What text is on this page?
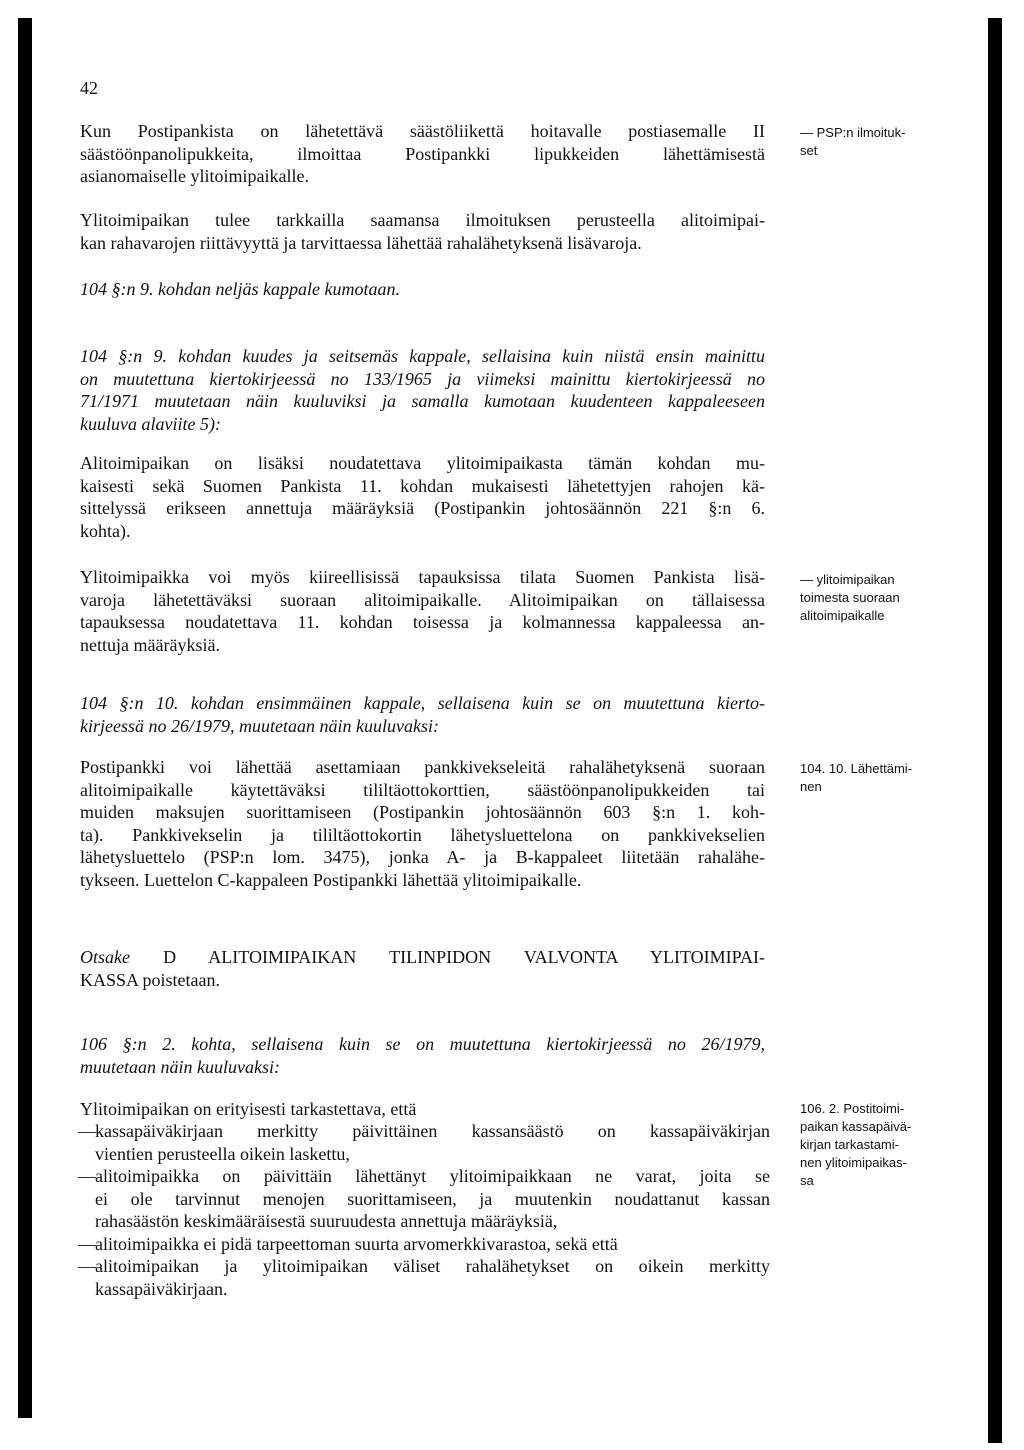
42
Kun Postipankista on lähetettävä säästöliikettä hoitavalle postiasemalle II
säästöönpanolipukkeita, ilmoittaa Postipankki lipukkeiden lähettämisestä
asianomaiselle ylitoimipaikalle.
Ylitoimipaikan tulee tarkkailla saamansa ilmoituksen perusteella alitoimipai-
kan rahavarojen riittävyyttä ja tarvittaessa lähettää rahalähetyksenä lisävaroja.
104 §:n 9. kohdan neljäs kappale kumotaan.
104 §:n 9. kohdan kuudes ja seitsemäs kappale, sellaisina kuin niistä ensin mainittu
on muutettuna kiertokirjeessä no 133/1965 ja viimeksi mainittu kiertokirjeessä no
71/1971 muutetaan näin kuuluviksi ja samalla kumotaan kuudenteen kappaleeseen
kuuluva alaviite 5):
Alitoimipaikan on lisäksi noudatettava ylitoimipaikasta tämän kohdan mu-
kaisesti sekä Suomen Pankista 11. kohdan mukaisesti lähetettyjen rahojen kä-
sittelyssä erikseen annettuja määräyksiä (Postipankin johtosäännön 221 §:n 6.
kohta).
Ylitoimipaikka voi myös kiireellisissä tapauksissa tilata Suomen Pankista lisä-
varoja lähetettäväksi suoraan alitoimipaikalle. Alitoimipaikan on tällaisessa
tapauksessa noudatettava 11. kohdan toisessa ja kolmannessa kappaleessa an-
nettuja määräyksiä.
104 §:n 10. kohdan ensimmäinen kappale, sellaisena kuin se on muutettuna kierto-
kirjeessä no 26/1979, muutetaan näin kuuluvaksi:
Postipankki voi lähettää asettamiaan pankkivekseleitä rahalähetyksenä suoraan
alitoimipaikalle käytettäväksi tililtäottokorttien, säästöönpanolipukkeiden tai
muiden maksujen suorittamiseen (Postipankin johtosäännön 603 §:n 1. koh-
ta). Pankkivekselin ja tililtäottokortin lähetysluettelona on pankkivekselien
lähetysluettelo (PSP:n lom. 3475), jonka A- ja B-kappaleet liitetään rahalähe-
tykseen. Luettelon C-kappaleen Postipankki lähettää ylitoimipaikalle.
Otsake D ALITOIMIPAIKAN TILINPIDON VALVONTA YLITOIMIPAI-
KASSA poistetaan.
106 §:n 2. kohta, sellaisena kuin se on muutettuna kiertokirjeessä no 26/1979,
muutetaan näin kuuluvaksi:
Ylitoimipaikan on erityisesti tarkastettava, että
— kassapäiväkirjaan merkitty päivittäinen kassansäästö on kassapäiväkirjan
vientien perusteella oikein laskettu,
— alitoimipaikka on päivittäin lähettänyt ylitoimipaikkaan ne varat, joita se
ei ole tarvinnut menojen suorittamiseen, ja muutenkin noudattanut kassan
rahasäästön keskimääräisestä suuruudesta annettuja määräyksiä,
— alitoimipaikka ei pidä tarpeettoman suurta arvomerkkivarastoa, sekä että
— alitoimipaikan ja ylitoimipaikan väliset rahalähetykset on oikein merkitty
kassapäiväkirjaan.
— PSP:n ilmoituk-
set
— ylitoimipaikan
toimesta suoraan
alitoimipaikalle
104. 10. Lähettämi-
nen
106. 2. Postitoimi-
paikan kassapäivä-
kirjan tarkastami-
nen ylitoimipaikas-
sa
